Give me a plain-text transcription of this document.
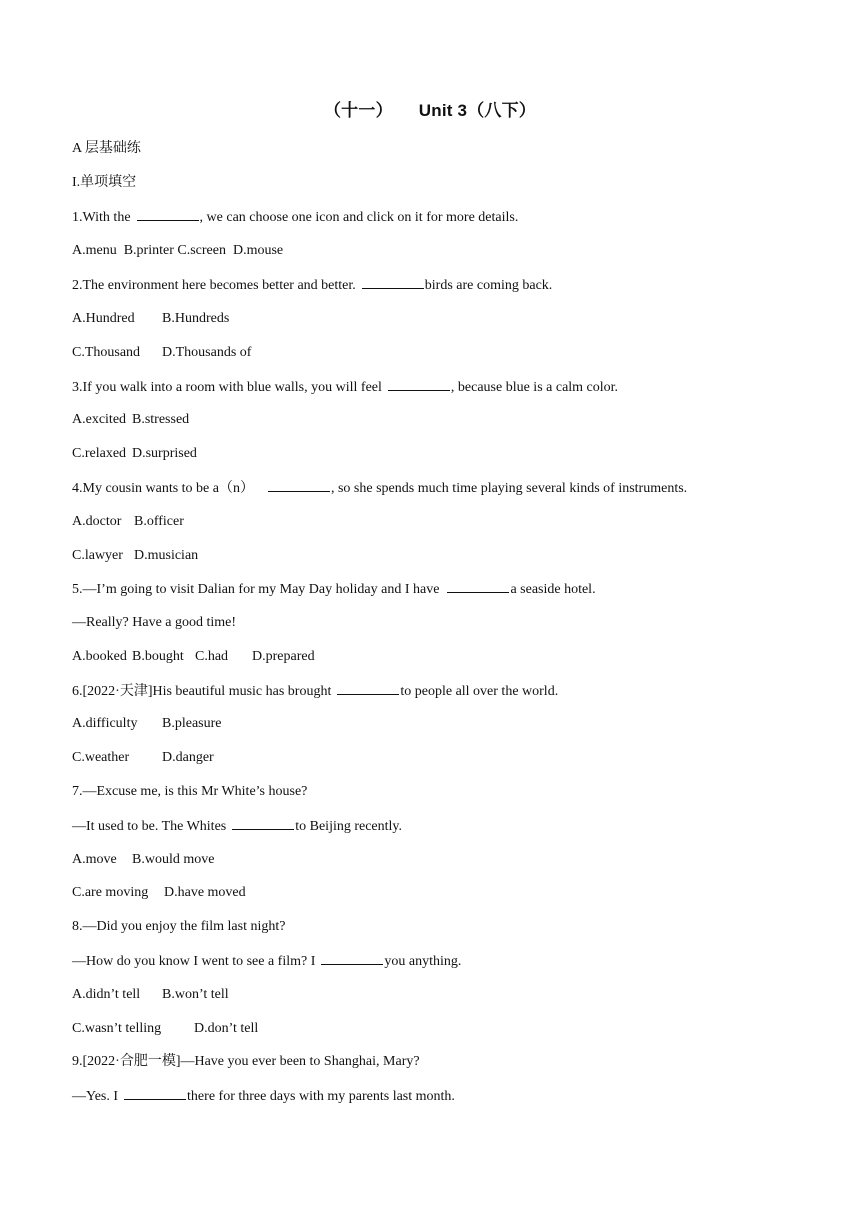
（十一） Unit 3（八下）
A 层基础练
I.单项填空
1.With the	, we can choose one icon and click on it for more details.
A.menu B.printer C.screen D.mouse
2.The environment here becomes better and better.	birds are coming back.
A.Hundred B.Hundreds
C.Thousand D.Thousands of
3.If you walk into a room with blue walls, you will feel	, because blue is a calm color.
A.excited B.stressed
C.relaxed D.surprised
4.My cousin wants to be a（n）	, so she spends much time playing several kinds of instruments.
A.doctor B.officer
C.lawyer D.musician
5.—I’m going to visit Dalian for my May Day holiday and I have	a seaside hotel.
—Really? Have a good time!
A.booked B.bought C.had D.prepared
6.[2022·天津]His beautiful music has brought	to people all over the world.
A.difficulty B.pleasure
C.weather D.danger
7.—Excuse me, is this Mr White’s house?
—It used to be. The Whites	to Beijing recently.
A.move B.would move
C.are moving D.have moved
8.—Did you enjoy the film last night?
—How do you know I went to see a film? I	you anything.
A.didn’t tell B.won’t tell
C.wasn’t telling D.don’t tell
9.[2022·合肥一模]—Have you ever been to Shanghai, Mary?
—Yes. I	there for three days with my parents last month.
